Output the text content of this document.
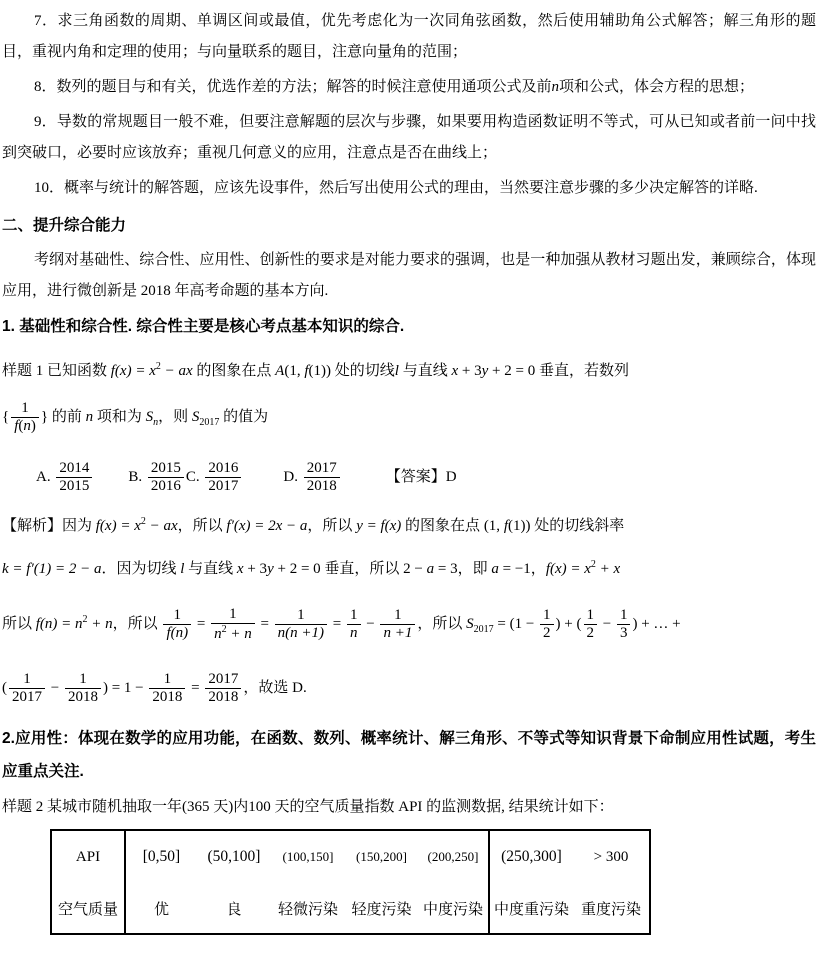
7．求三角函数的周期、单调区间或最值，优先考虑化为一次同角弦函数，然后使用辅助角公式解答；解三角形的题目，重视内角和定理的使用；与向量联系的题目，注意向量角的范围；

8．数列的题目与和有关，优选作差的方法；解答的时候注意使用通项公式及前n项和公式，体会方程的思想；

9．导数的常规题目一般不难，但要注意解题的层次与步骤，如果要用构造函数证明不等式，可从已知或者前一问中找到突破口，必要时应该放弃；重视几何意义的应用，注意点是否在曲线上；

10．概率与统计的解答题，应该先设事件，然后写出使用公式的理由，当然要注意步骤的多少决定解答的详略.

二、提升综合能力

考纲对基础性、综合性、应用性、创新性的要求是对能力要求的强调，也是一种加强从教材习题出发，兼顾综合，体现应用，进行微创新是 2018 年高考命题的基本方向.

1. 基础性和综合性. 综合性主要是核心考点基本知识的综合.

样题 1 已知函数 $f(x) = x^2$ − ax 的图象在点 A(1, f(1)) 处的切线l 与直线 x + 3y + 2 = 0 垂直，若数列

{ $\frac{1}{f(n)}$ } 的前 n 项和为 $S_n$，则 $S_{2017}$ 的值为

A. $\frac{2014}{2015} B$. $\frac{2015}{2016} C$. $\frac{2016}{2017}$	D. $\frac{2017}{2018}$	【答案】D

【解析】因为 $f(x) = x^2$ − ax，所以 f′(x) = 2x − a，所以 y = f(x) 的图象在点 (1, f(1)) 处的切线斜率

k = f′(1) = 2 − a．因为切线 l 与直线 x + 3y + 2 = 0 垂直，所以 2 − a = 3，即 a = −1，$f(x) = x^2 + x$

所以 $f(n) = n^2 + n$，所以 $\frac{1}{f(n)} = \frac{1}{n^2 + n} = \frac{1}{n(n +1)} = \frac{1}{n} - \frac{1}{n +1}$ ，所以 $S_{2017} = (1 - \frac{1}{2}$ ) + ( $\frac{1}{2} - \frac{1}{3}$ ) + … +

( $\frac{1}{2017} - \frac{1}{2018}$ ) = $1 - \frac{1}{2018} = \frac{2017}{2018}$ ，故选 D.

2.应用性：体现在数学的应用功能，在函数、数列、概率统计、解三角形、不等式等知识背景下命制应用性试题，考生应重点关注.

样题 2 某城市随机抽取一年(365 天)内100 天的空气质量指数 API 的监测数据, 结果统计如下：

API	[0,50]	(50,100]	(100,150]	(150,200]	(200,250]	(250,300]	> 300
空气质量	优	良	轻微污染 轻度污染 中度污染 中度重污染 重度污染
